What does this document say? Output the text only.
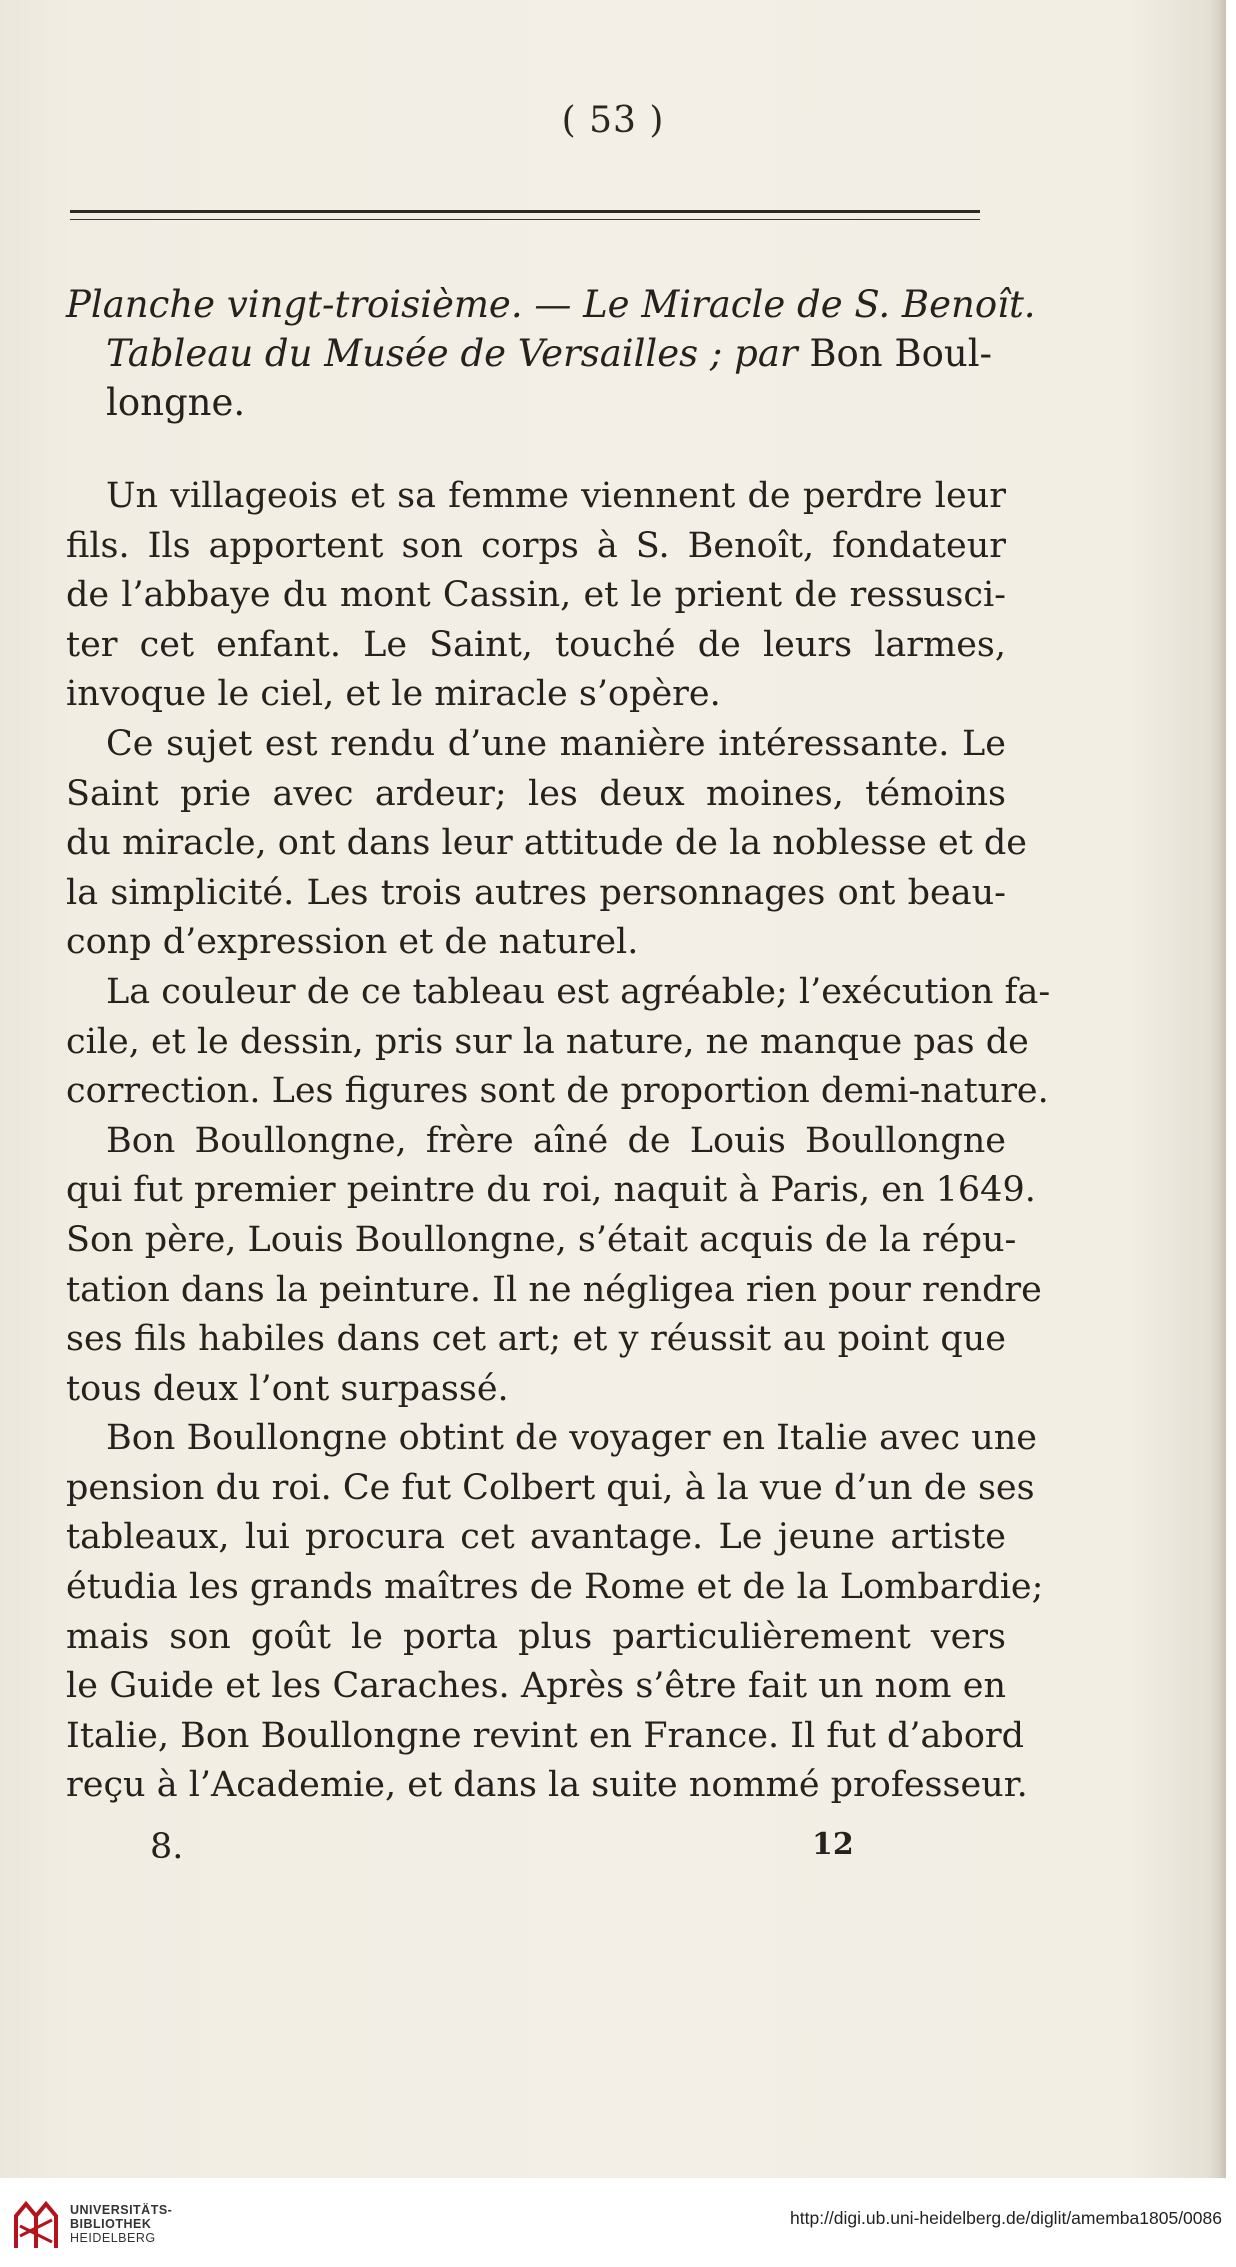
( 53 )
Planche vingt-troisième. — Le Miracle de S. Benoît.
Tableau du Musée de Versailles ; par Bon Boul-
longne.
Un villageois et sa femme viennent de perdre leur
fils. Ils apportent son corps à S. Benoît, fondateur
de l’abbaye du mont Cassin, et le prient de ressusci-
ter cet enfant. Le Saint, touché de leurs larmes,
invoque le ciel, et le miracle s’opère.
Ce sujet est rendu d’une manière intéressante. Le
Saint prie avec ardeur; les deux moines, témoins
du miracle, ont dans leur attitude de la noblesse et de
la simplicité. Les trois autres personnages ont beau-
conp d’expression et de naturel.
La couleur de ce tableau est agréable; l’exécution fa-
cile, et le dessin, pris sur la nature, ne manque pas de
correction. Les figures sont de proportion demi-nature.
Bon Boullongne, frère aîné de Louis Boullongne
qui fut premier peintre du roi, naquit à Paris, en 1649.
Son père, Louis Boullongne, s’était acquis de la répu-
tation dans la peinture. Il ne négligea rien pour rendre
ses fils habiles dans cet art; et y réussit au point que
tous deux l’ont surpassé.
Bon Boullongne obtint de voyager en Italie avec une
pension du roi. Ce fut Colbert qui, à la vue d’un de ses
tableaux, lui procura cet avantage. Le jeune artiste
étudia les grands maîtres de Rome et de la Lombardie;
mais son goût le porta plus particulièrement vers
le Guide et les Caraches. Après s’être fait un nom en
Italie, Bon Boullongne revint en France. Il fut d’abord
reçu à l’Academie, et dans la suite nommé professeur.
8.	12
UNIVERSITÄTS-
BIBLIOTHEK
HEIDELBERG
http://digi.ub.uni-heidelberg.de/diglit/amemba1805/0086
